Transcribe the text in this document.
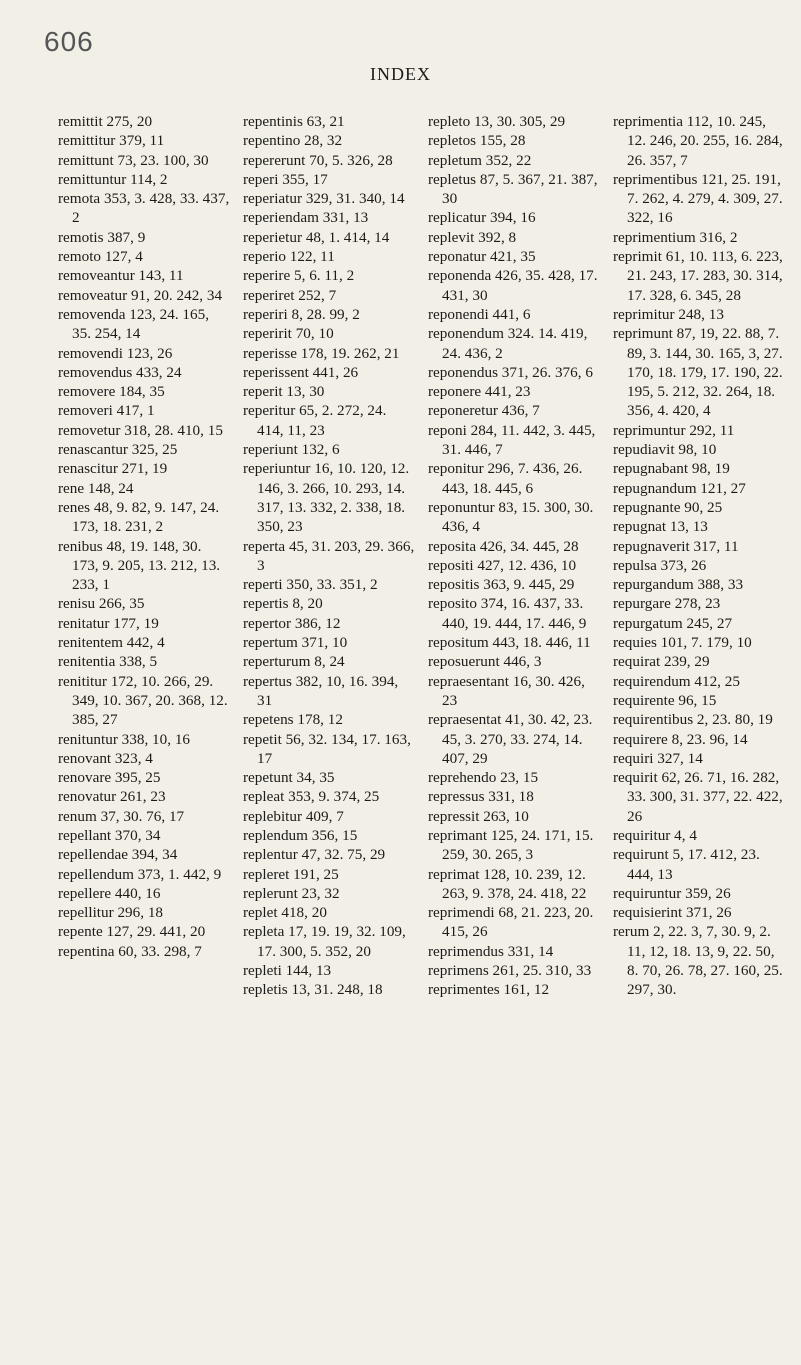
606
INDEX
remittit 275, 20
remittitur 379, 11
remittunt 73, 23. 100, 30
remittuntur 114, 2
remota 353, 3. 428, 33. 437, 2
remotis 387, 9
remoto 127, 4
removeantur 143, 11
removeatur 91, 20. 242, 34
removenda 123, 24. 165, 35. 254, 14
removendi 123, 26
removendus 433, 24
removere 184, 35
removeri 417, 1
removetur 318, 28. 410, 15
renascantur 325, 25
renascitur 271, 19
rene 148, 24
renes 48, 9. 82, 9. 147, 24. 173, 18. 231, 2
renibus 48, 19. 148, 30. 173, 9. 205, 13. 212, 13. 233, 1
renisu 266, 35
renitatur 177, 19
renitentem 442, 4
renitentia 338, 5
renititur 172, 10. 266, 29. 349, 10. 367, 20. 368, 12. 385, 27
renituntur 338, 10, 16
renovant 323, 4
renovare 395, 25
renovatur 261, 23
renum 37, 30. 76, 17
repellant 370, 34
repellendae 394, 34
repellendum 373, 1. 442, 9
repellere 440, 16
repellitur 296, 18
repente 127, 29. 441, 20
repentina 60, 33. 298, 7
repentinis 63, 21
repentino 28, 32
repererunt 70, 5. 326, 28
reperi 355, 17
reperiatur 329, 31. 340, 14
reperiendam 331, 13
reperietur 48, 1. 414, 14
reperio 122, 11
reperire 5, 6. 11, 2
reperiret 252, 7
reperiri 8, 28. 99, 2
reperirit 70, 10
reperisse 178, 19. 262, 21
reperissent 441, 26
reperit 13, 30
reperitur 65, 2. 272, 24. 414, 11, 23
reperiunt 132, 6
reperiuntur 16, 10. 120, 12. 146, 3. 266, 10. 293, 14. 317, 13. 332, 2. 338, 18. 350, 23
reperta 45, 31. 203, 29. 366, 3
reperti 350, 33. 351, 2
repertis 8, 20
repertor 386, 12
repertum 371, 10
reperturum 8, 24
repertus 382, 10, 16. 394, 31
repetens 178, 12
repetit 56, 32. 134, 17. 163, 17
repetunt 34, 35
repleat 353, 9. 374, 25
replebitur 409, 7
replendum 356, 15
replentur 47, 32. 75, 29
repleret 191, 25
replerunt 23, 32
replet 418, 20
repleta 17, 19. 19, 32. 109, 17. 300, 5. 352, 20
repleti 144, 13
repletis 13, 31. 248, 18
repleto 13, 30. 305, 29
repletos 155, 28
repletum 352, 22
repletus 87, 5. 367, 21. 387, 30
replicatur 394, 16
replevit 392, 8
reponatur 421, 35
reponenda 426, 35. 428, 17. 431, 30
reponendi 441, 6
reponendum 324. 14. 419, 24. 436, 2
reponendus 371, 26. 376, 6
reponere 441, 23
reponeretur 436, 7
reponi 284, 11. 442, 3. 445, 31. 446, 7
reponitur 296, 7. 436, 26. 443, 18. 445, 6
reponuntur 83, 15. 300, 30. 436, 4
reposita 426, 34. 445, 28
repositi 427, 12. 436, 10
repositis 363, 9. 445, 29
reposito 374, 16. 437, 33. 440, 19. 444, 17. 446, 9
repositum 443, 18. 446, 11
reposuerunt 446, 3
repraesentant 16, 30. 426, 23
repraesentat 41, 30. 42, 23. 45, 3. 270, 33. 274, 14. 407, 29
reprehendo 23, 15
repressus 331, 18
repressit 263, 10
reprimant 125, 24. 171, 15. 259, 30. 265, 3
reprimat 128, 10. 239, 12. 263, 9. 378, 24. 418, 22
reprimendi 68, 21. 223, 20. 415, 26
reprimendus 331, 14
reprimens 261, 25. 310, 33
reprimentes 161, 12
reprimentia 112, 10. 245, 12. 246, 20. 255, 16. 284, 26. 357, 7
reprimentibus 121, 25. 191, 7. 262, 4. 279, 4. 309, 27. 322, 16
reprimentium 316, 2
reprimit 61, 10. 113, 6. 223, 21. 243, 17. 283, 30. 314, 17. 328, 6. 345, 28
reprimitur 248, 13
reprimunt 87, 19, 22. 88, 7. 89, 3. 144, 30. 165, 3, 27. 170, 18. 179, 17. 190, 22. 195, 5. 212, 32. 264, 18. 356, 4. 420, 4
reprimuntur 292, 11
repudiavit 98, 10
repugnabant 98, 19
repugnandum 121, 27
repugnante 90, 25
repugnat 13, 13
repugnaverit 317, 11
repulsa 373, 26
repurgandum 388, 33
repurgare 278, 23
repurgatum 245, 27
requies 101, 7. 179, 10
requirat 239, 29
requirendum 412, 25
requirente 96, 15
requirentibus 2, 23. 80, 19
requirere 8, 23. 96, 14
requiri 327, 14
requirit 62, 26. 71, 16. 282, 33. 300, 31. 377, 22. 422, 26
requiritur 4, 4
requirunt 5, 17. 412, 23. 444, 13
requiruntur 359, 26
requisierint 371, 26
rerum 2, 22. 3, 7, 30. 9, 2. 11, 12, 18. 13, 9, 22. 50, 8. 70, 26. 78, 27. 160, 25. 297, 30.
